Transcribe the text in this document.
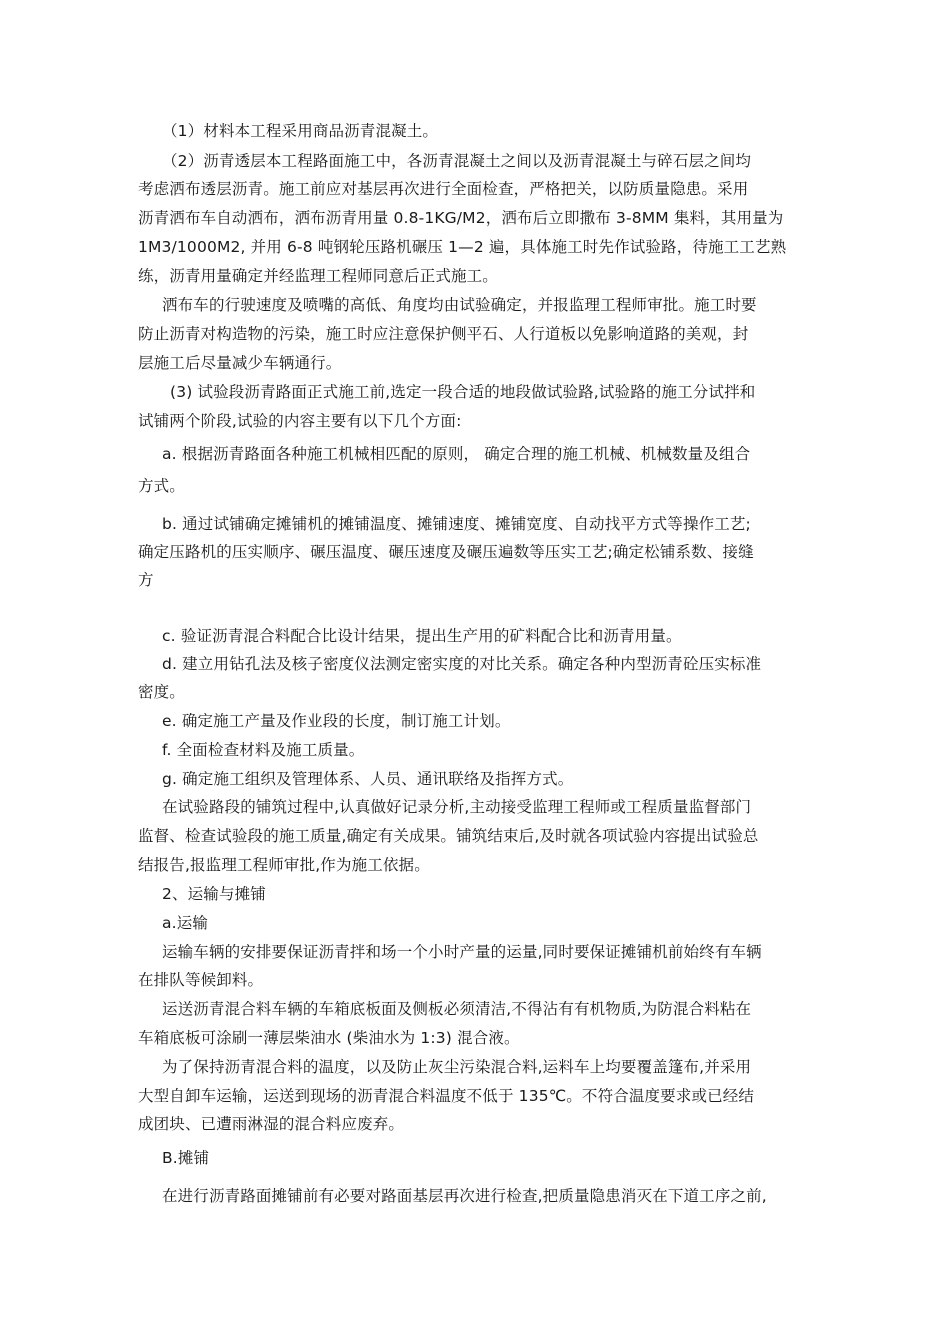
（1）材料本工程采用商品沥青混凝土。
（2）沥青透层本工程路面施工中，各沥青混凝土之间以及沥青混凝土与碎石层之间均
考虑洒布透层沥青。施工前应对基层再次进行全面检查，严格把关，以防质量隐患。采用
沥青洒布车自动洒布，洒布沥青用量 0.8-1KG/M2，洒布后立即撒布 3-8MM 集料，其用量为
1M3/1000M2, 并用 6-8 吨钢轮压路机碾压 1—2 遍，具体施工时先作试验路，待施工工艺熟
练，沥青用量确定并经监理工程师同意后正式施工。
洒布车的行驶速度及喷嘴的高低、角度均由试验确定，并报监理工程师审批。施工时要
防止沥青对构造物的污染，施工时应注意保护侧平石、人行道板以免影响道路的美观，封
层施工后尽量减少车辆通行。
(3) 试验段沥青路面正式施工前,选定一段合适的地段做试验路,试验路的施工分试拌和
试铺两个阶段,试验的内容主要有以下几个方面:
a. 根据沥青路面各种施工机械相匹配的原则， 确定合理的施工机械、机械数量及组合
方式。
b. 通过试铺确定摊铺机的摊铺温度、摊铺速度、摊铺宽度、自动找平方式等操作工艺;
确定压路机的压实顺序、碾压温度、碾压速度及碾压遍数等压实工艺;确定松铺系数、接缝
方
c. 验证沥青混合料配合比设计结果，提出生产用的矿料配合比和沥青用量。
d. 建立用钻孔法及核子密度仪法测定密实度的对比关系。确定各种内型沥青砼压实标准
密度。
e. 确定施工产量及作业段的长度，制订施工计划。
f. 全面检查材料及施工质量。
g. 确定施工组织及管理体系、人员、通讯联络及指挥方式。
在试验路段的铺筑过程中,认真做好记录分析,主动接受监理工程师或工程质量监督部门
监督、检查试验段的施工质量,确定有关成果。铺筑结束后,及时就各项试验内容提出试验总
结报告,报监理工程师审批,作为施工依据。
2、运输与摊铺
a.运输
运输车辆的安排要保证沥青拌和场一个小时产量的运量,同时要保证摊铺机前始终有车辆
在排队等候卸料。
运送沥青混合料车辆的车箱底板面及侧板必须清洁,不得沾有有机物质,为防混合料粘在
车箱底板可涂刷一薄层柴油水 (柴油水为 1:3) 混合液。
为了保持沥青混合料的温度，以及防止灰尘污染混合料,运料车上均要覆盖篷布,并采用
大型自卸车运输，运送到现场的沥青混合料温度不低于 135℃。不符合温度要求或已经结
成团块、已遭雨淋湿的混合料应废弃。
B.摊铺
在进行沥青路面摊铺前有必要对路面基层再次进行检查,把质量隐患消灭在下道工序之前,
